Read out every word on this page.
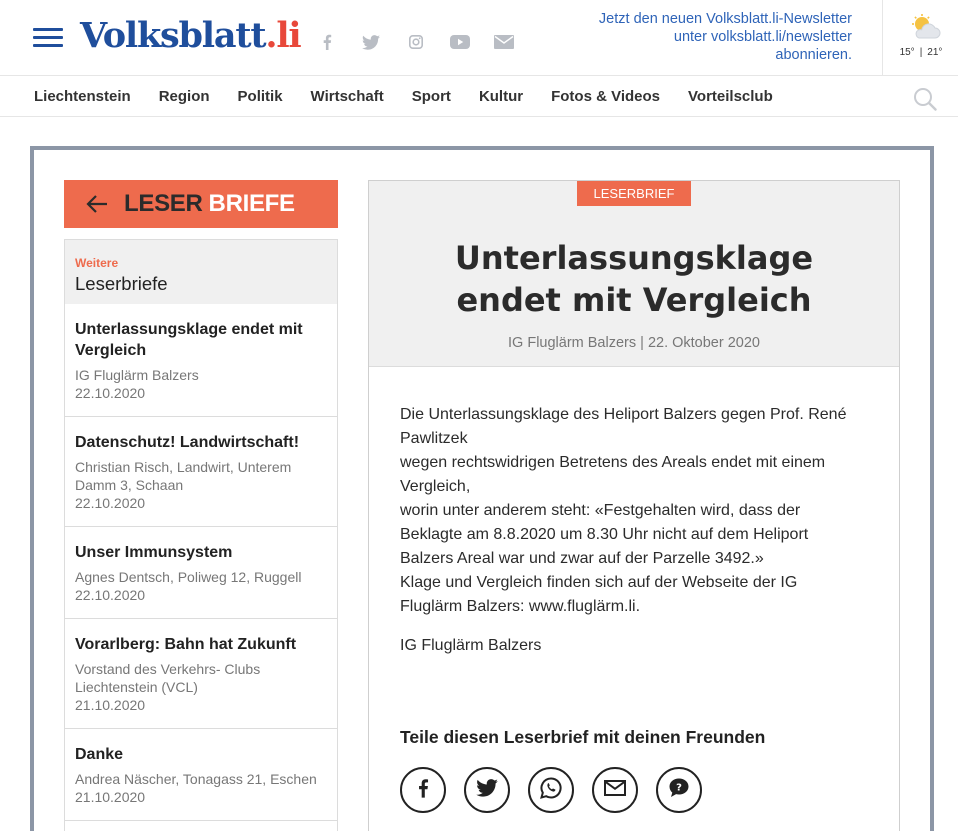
Volksblatt.li	Jetzt den neuen Volksblatt.li-Newsletter
unter volksblatt.li/newsletter
abonnieren.	15° | 21°
Liechtenstein	Region	Politik	Wirtschaft	Sport	Kultur	Fotos & Videos	Vorteilsclub
LESER BRIEFE
Weitere
Leserbriefe
Unterlassungsklage endet mit Vergleich
IG Fluglärm Balzers
22.10.2020
Datenschutz! Landwirtschaft!
Christian Risch, Landwirt, Unterem Damm 3, Schaan
22.10.2020
Unser Immunsystem
Agnes Dentsch, Poliweg 12, Ruggell
22.10.2020
Vorarlberg: Bahn hat Zukunft
Vorstand des Verkehrs- Clubs Liechtenstein (VCL)
21.10.2020
Danke
Andrea Näscher, Tonagass 21, Eschen
21.10.2020
LESERBRIEF
Unterlassungsklage
endet mit Vergleich
IG Fluglärm Balzers | 22. Oktober 2020
Die Unterlassungsklage des Heliport Balzers gegen Prof. René
Pawlitzek
wegen rechtswidrigen Betretens des Areals endet mit einem
Vergleich,
worin unter anderem steht: «Festgehalten wird, dass der
Beklagte am 8.8.2020 um 8.30 Uhr nicht auf dem Heliport
Balzers Areal war und zwar auf der Parzelle 3492.»
Klage und Vergleich finden sich auf der Webseite der IG
Fluglärm Balzers: www.fluglärm.li.
IG Fluglärm Balzers
Teile diesen Leserbrief mit deinen Freunden
?
